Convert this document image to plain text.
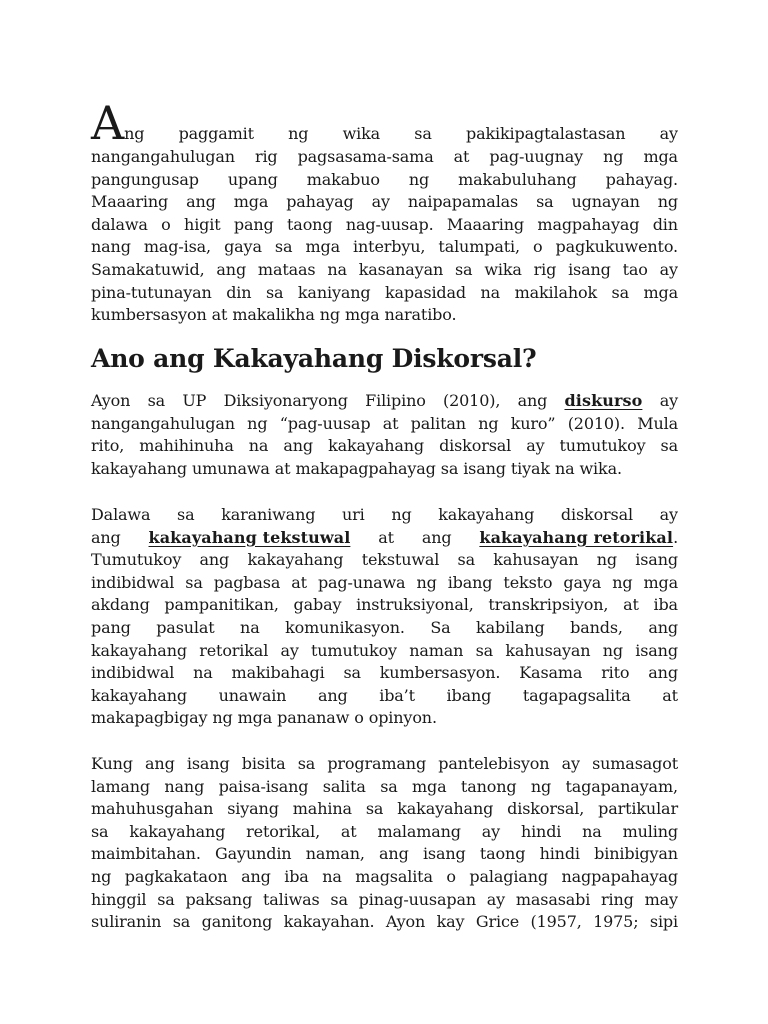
Ang paggamit ng wika sa pakikipagtalastasan ay
nangangahulugan rig pagsasama-sama at pag-uugnay ng mga
pangungusap upang makabuo ng makabuluhang pahayag.
Maaaring ang mga pahayag ay naipapamalas sa ugnayan ng
dalawa o higit pang taong nag-uusap. Maaaring magpahayag din
nang mag-isa, gaya sa mga interbyu, talumpati, o pagkukuwento.
Samakatuwid, ang mataas na kasanayan sa wika rig isang tao ay
pina-tutunayan din sa kaniyang kapasidad na makilahok sa mga
kumbersasyon at makalikha ng mga naratibo.
Ano ang Kakayahang Diskorsal?
Ayon sa UP Diksiyonaryong Filipino (2010), ang diskurso ay
nangangahulugan ng “pag-uusap at palitan ng kuro” (2010). Mula
rito, mahihinuha na ang kakayahang diskorsal ay tumutukoy sa
kakayahang umunawa at makapagpahayag sa isang tiyak na wika.
Dalawa sa karaniwang uri ng kakayahang diskorsal ay
ang kakayahang tekstuwal at ang kakayahang retorikal.
Tumutukoy ang kakayahang tekstuwal sa kahusayan ng isang
indibidwal sa pagbasa at pag-unawa ng ibang teksto gaya ng mga
akdang pampanitikan, gabay instruksiyonal, transkripsiyon, at iba
pang pasulat na komunikasyon. Sa kabilang bands, ang
kakayahang retorikal ay tumutukoy naman sa kahusayan ng isang
indibidwal na makibahagi sa kumbersasyon. Kasama rito ang
kakayahang unawain ang iba’t ibang tagapagsalita at
makapagbigay ng mga pananaw o opinyon.
Kung ang isang bisita sa programang pantelebisyon ay sumasagot
lamang nang paisa-isang salita sa mga tanong ng tagapanayam,
mahuhusgahan siyang mahina sa kakayahang diskorsal, partikular
sa kakayahang retorikal, at malamang ay hindi na muling
maimbitahan. Gayundin naman, ang isang taong hindi binibigyan
ng pagkakataon ang iba na magsalita o palagiang nagpapahayag
hinggil sa paksang taliwas sa pinag-uusapan ay masasabi ring may
suliranin sa ganitong kakayahan. Ayon kay Grice (1957, 1975; sipi
